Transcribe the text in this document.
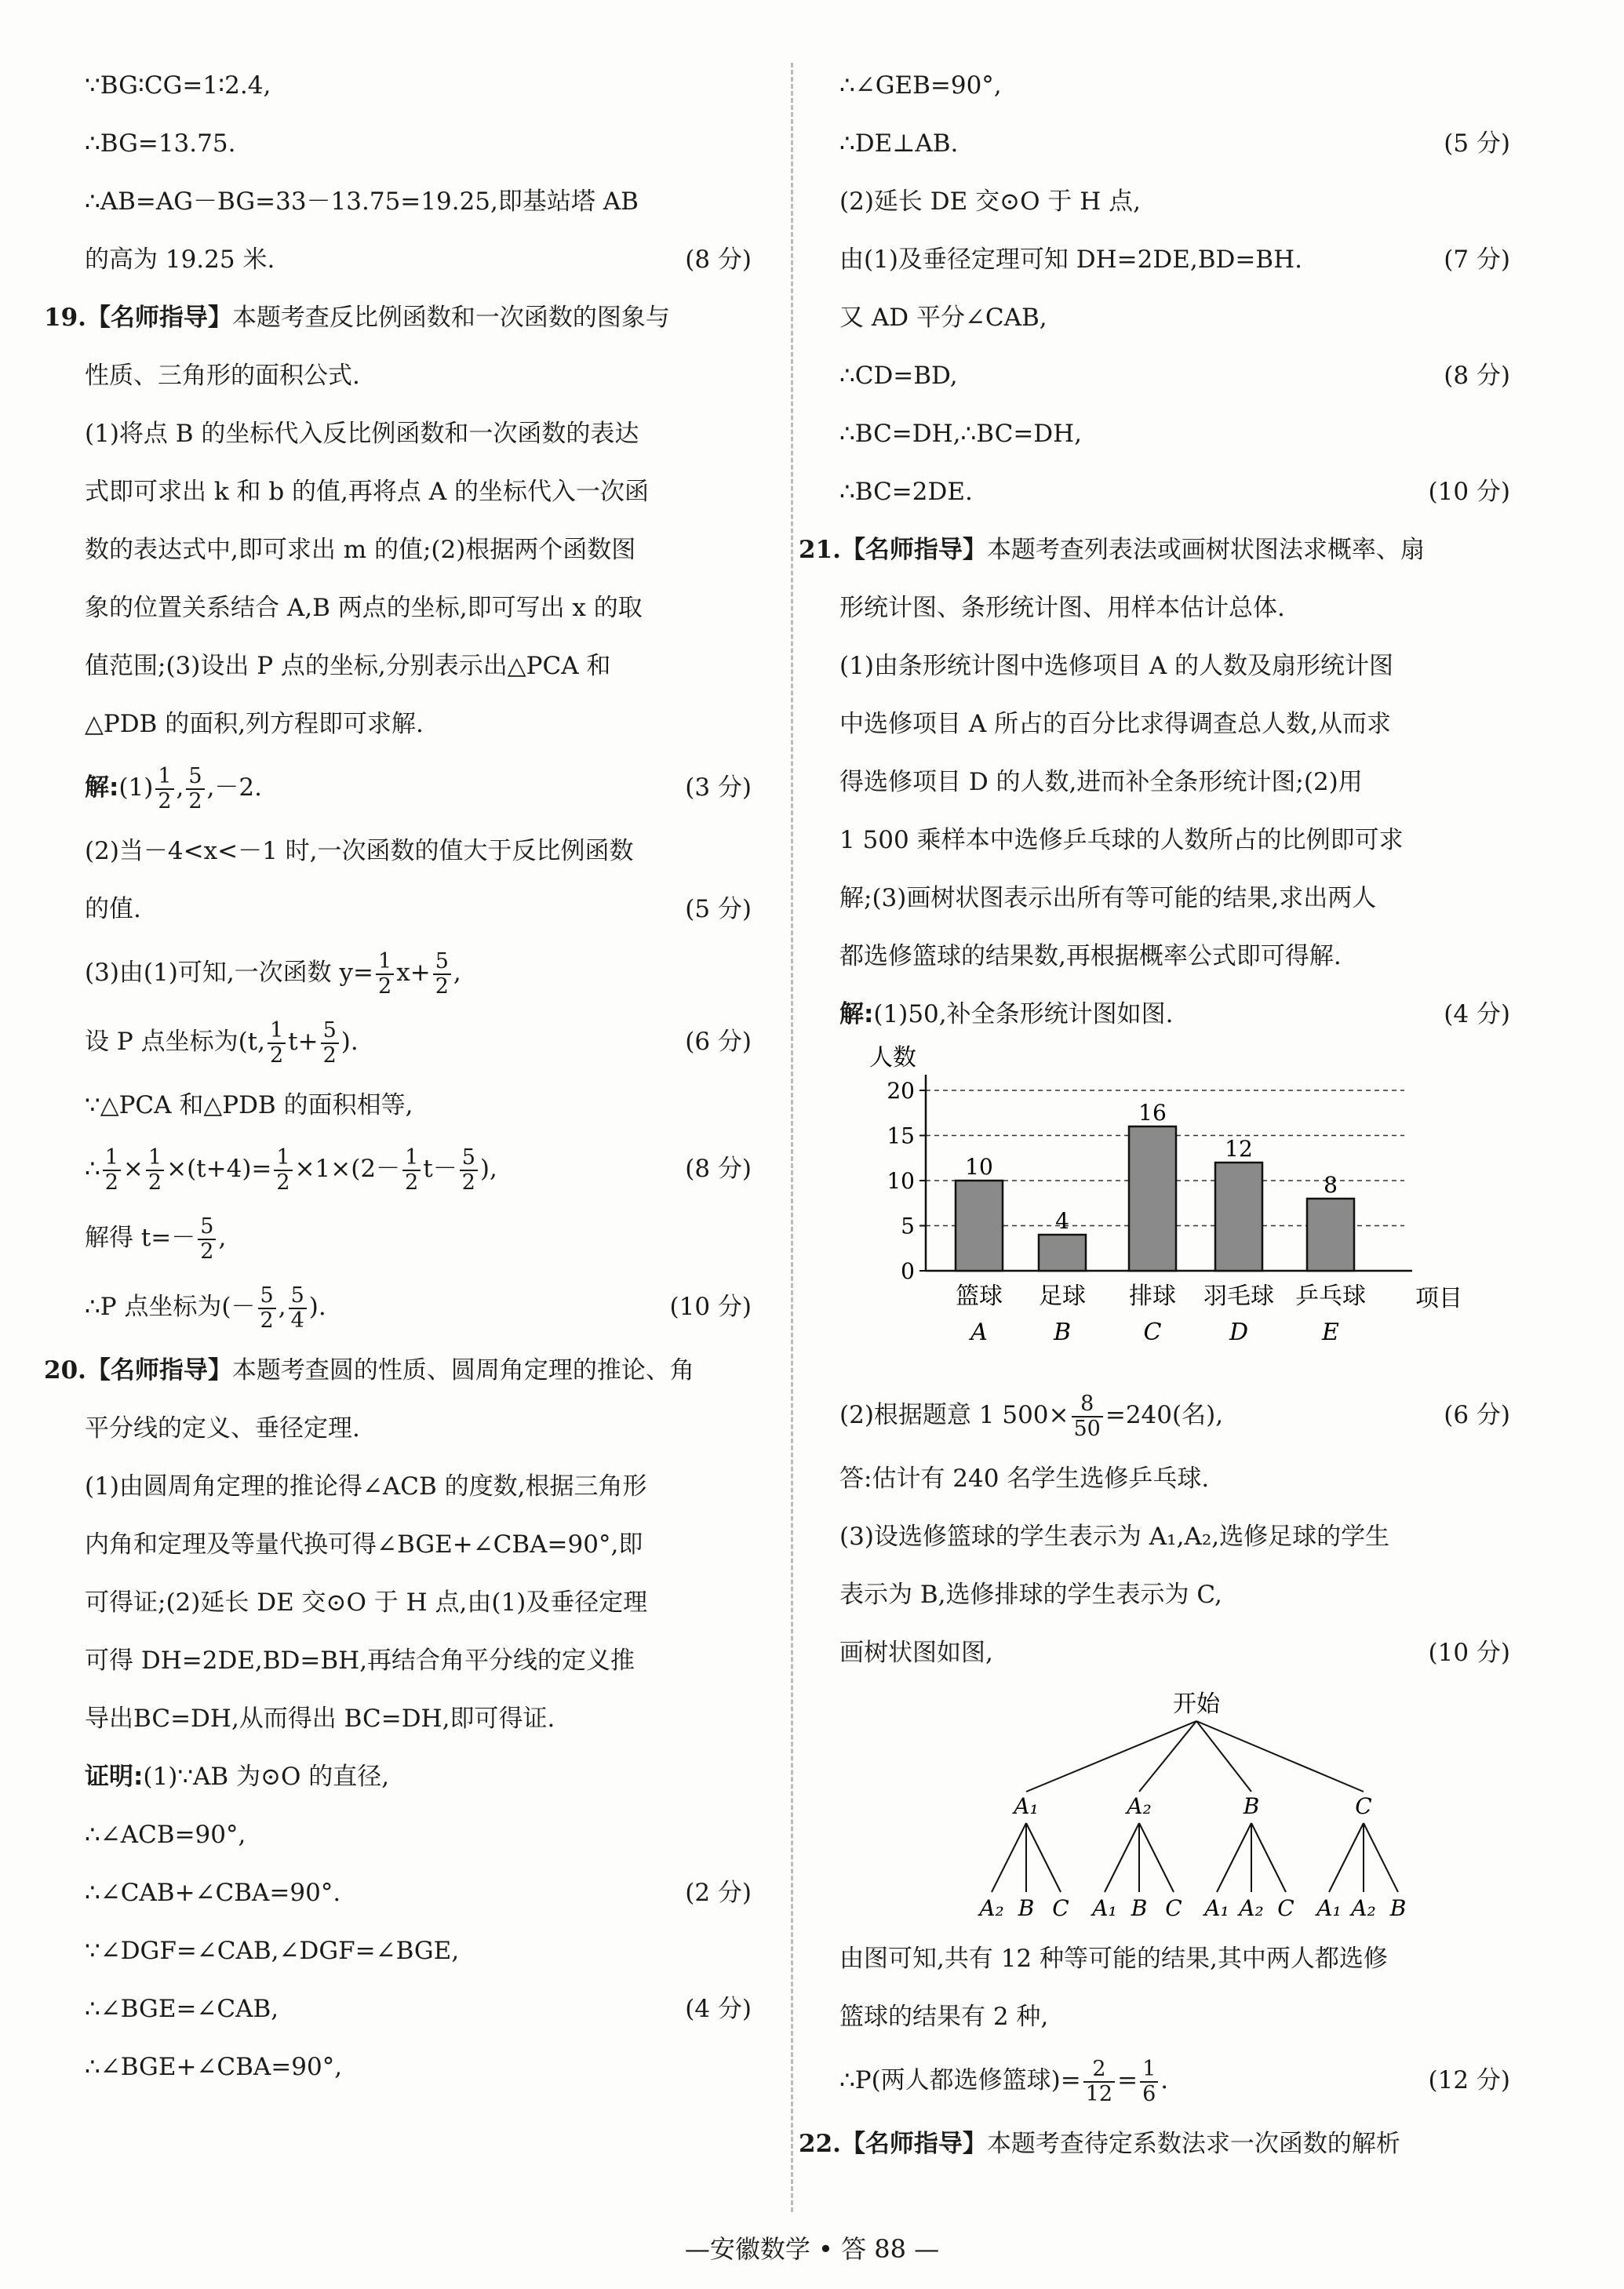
∵BG∶CG=1∶2.4,
∴BG=13.75.
∴AB=AG－BG=33－13.75=19.25,即基站塔 AB
的高为 19.25 米.	(8 分)
19.【名师指导】本题考查反比例函数和一次函数的图象与
性质、三角形的面积公式.
(1)将点 B 的坐标代入反比例函数和一次函数的表达
式即可求出 k 和 b 的值,再将点 A 的坐标代入一次函
数的表达式中,即可求出 m 的值;(2)根据两个函数图
象的位置关系结合 A,B 两点的坐标,即可写出 x 的取
值范围;(3)设出 P 点的坐标,分别表示出△PCA 和
△PDB 的面积,列方程即可求解.
解:(1) $\frac{1}{2}$ , $\frac{5}{2} ,-2$.	(3 分)
(2)当－4<x<－1 时,一次函数的值大于反比例函数
的值.	(5 分)
(3)由(1)可知,一次函数 $y= \frac{1}{2} x+ \frac{5}{2}$ ,
设 P 点坐标为(t, $\frac{1}{2} t+ \frac{5}{2}$ ).	(6 分)
∵△PCA 和△PDB 的面积相等,
∴ $\frac{1}{2} \times \frac{1}{2} \times(t+4)= \frac{1}{2} \times 1\times(2- \frac{1}{2} t- \frac{5}{2}$ ),	(8 分)
解得 $t=- \frac{5}{2}$ ,
∴P 点坐标为(－ $\frac{5}{2}$ , $\frac{5}{4}$ ).	(10 分)
20.【名师指导】本题考查圆的性质、圆周角定理的推论、角
平分线的定义、垂径定理.
(1)由圆周角定理的推论得∠ACB 的度数,根据三角形
内角和定理及等量代换可得∠BGE+∠CBA=90°,即
可得证;(2)延长 DE 交⊙O 于 H 点,由(1)及垂径定理
可得 DH=2DE,BD=BH,再结合角平分线的定义推
导出BC=DH,从而得出 BC=DH,即可得证.
证明:(1)∵AB 为⊙O 的直径,
∴∠ACB=90°,
∴∠CAB+∠CBA=90°.	(2 分)
∵∠DGF=∠CAB,∠DGF=∠BGE,
∴∠BGE=∠CAB,	(4 分)
∴∠BGE+∠CBA=90°,
∴∠GEB=90°,
∴DE⊥AB.	(5 分)
(2)延长 DE 交⊙O 于 H 点,
由(1)及垂径定理可知 DH=2DE,BD=BH.	(7 分)
又 AD 平分∠CAB,
∴CD=BD,	(8 分)
∴BC=DH,∴BC=DH,
∴BC=2DE.	(10 分)
21.【名师指导】本题考查列表法或画树状图法求概率、扇
形统计图、条形统计图、用样本估计总体.
(1)由条形统计图中选修项目 A 的人数及扇形统计图
中选修项目 A 所占的百分比求得调查总人数,从而求
得选修项目 D 的人数,进而补全条形统计图;(2)用
1 500 乘样本中选修乒乓球的人数所占的比例即可求
解;(3)画树状图表示出所有等可能的结果,求出两人
都选修篮球的结果数,再根据概率公式即可得解.
解:(1)50,补全条形统计图如图.	(4 分)
人数
0
5
10
15
20
项目
10
篮球
A
4
足球
B
16
排球
C
12
羽毛球
D
8
乒乓球
E
(2)根据题意 1 $500\times \frac{8}{50} =240$(名),	(6 分)
答:估计有 240 名学生选修乒乓球.
(3)设选修篮球的学生表示为 A₁,A₂,选修足球的学生
表示为 B,选修排球的学生表示为 C,
画树状图如图,	(10 分)
开始
A₁
A₂ B C
A₂
A₁ B C
B
A₁ A₂ C
C
A₁ A₂ B
由图可知,共有 12 种等可能的结果,其中两人都选修
篮球的结果有 2 种,
∴P(两人都选修篮球)= $\frac{2}{12} = \frac{1}{6}$ .	(12 分)
22.【名师指导】本题考查待定系数法求一次函数的解析
—安徽数学 • 答 88 —
